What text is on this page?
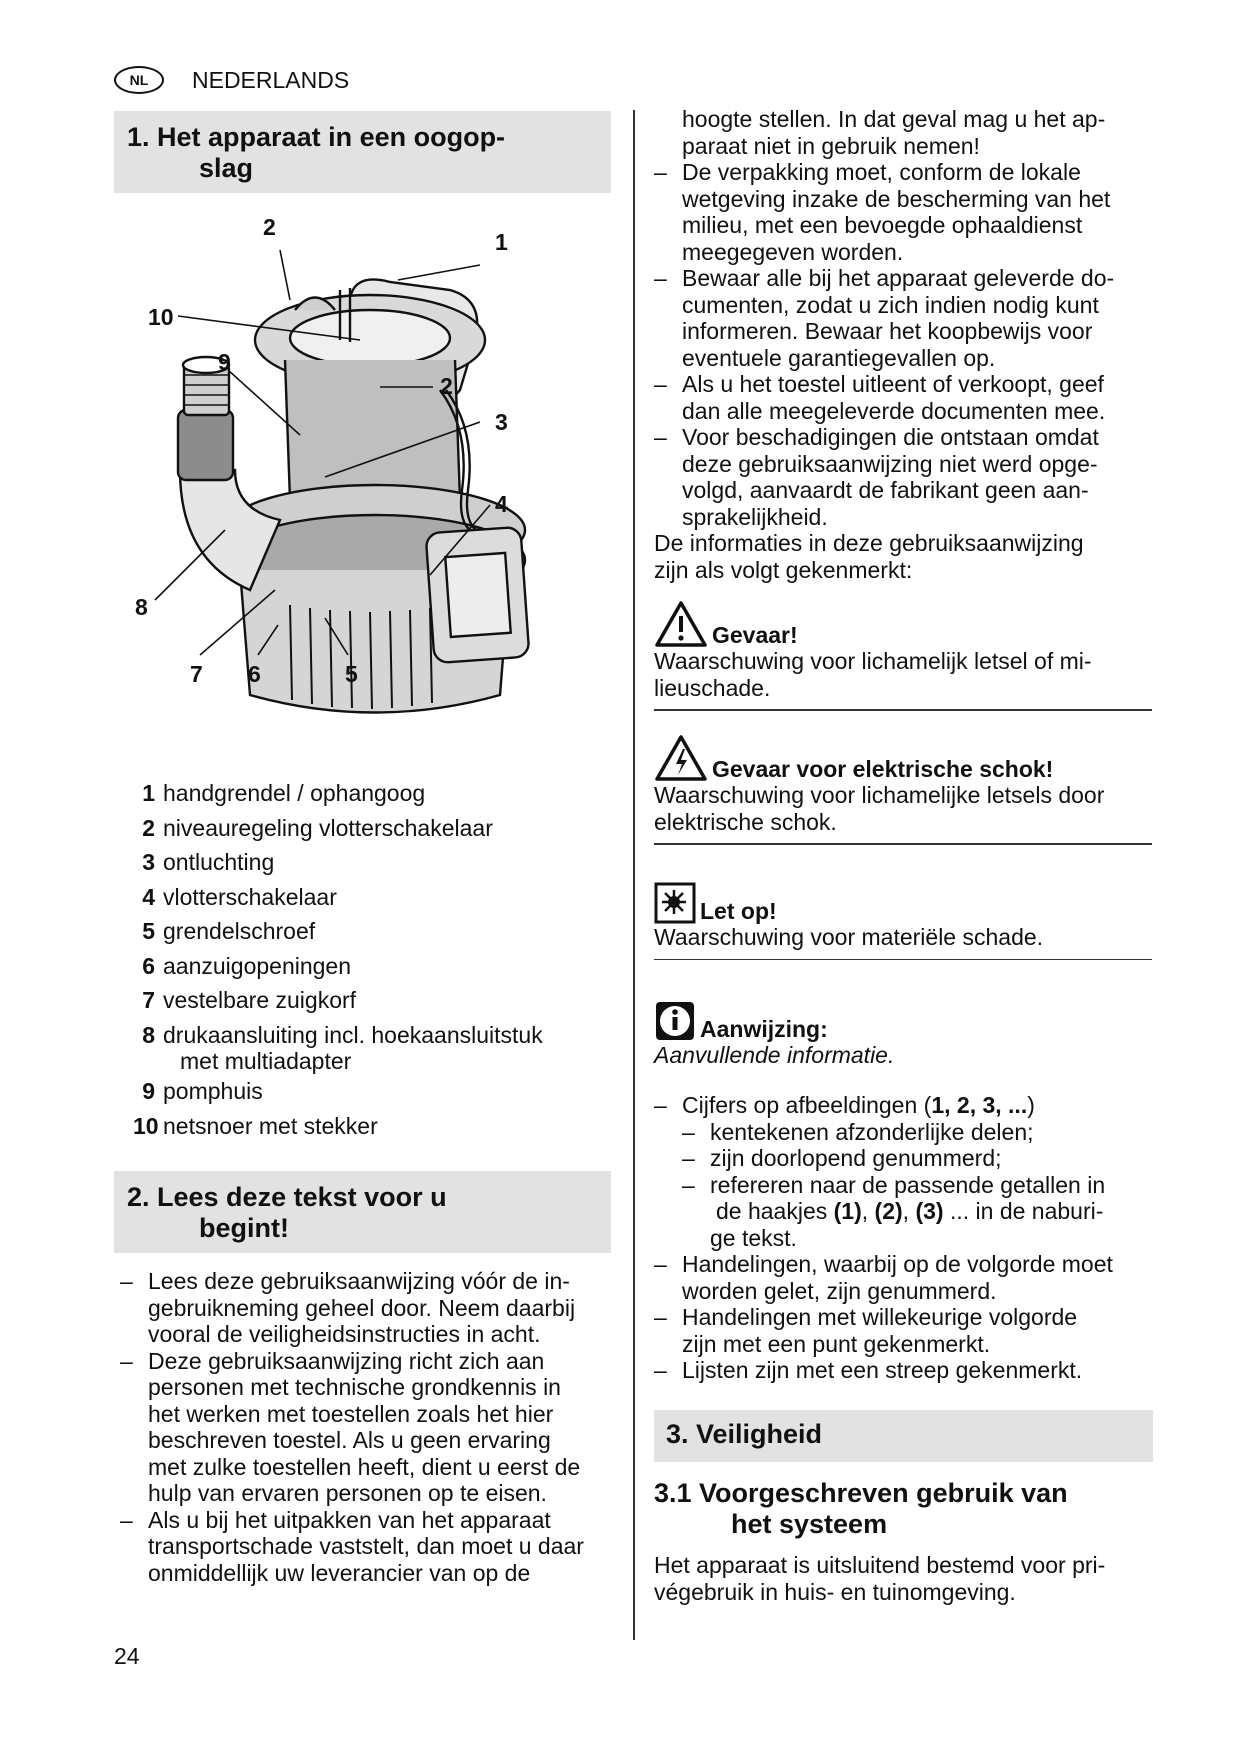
NL	NEDERLANDS
1. Het apparaat in een oogop-
slag
1
2
2
3
4
5
6
7
8
9
10
1 handgrendel / ophangoog
2 niveauregeling vlotterschakelaar
3 ontluchting
4 vlotterschakelaar
5 grendelschroef
6 aanzuigopeningen
7 vestelbare zuigkorf
8 drukaansluiting incl. hoekaansluitstuk
met multiadapter
9 pomphuis
10 netsnoer met stekker
2. Lees deze tekst voor u
begint!
– Lees deze gebruiksaanwijzing vóór de in-
gebruikneming geheel door. Neem daarbij
vooral de veiligheidsinstructies in acht.
– Deze gebruiksaanwijzing richt zich aan
personen met technische grondkennis in
het werken met toestellen zoals het hier
beschreven toestel. Als u geen ervaring
met zulke toestellen heeft, dient u eerst de
hulp van ervaren personen op te eisen.
– Als u bij het uitpakken van het apparaat
transportschade vaststelt, dan moet u daar
onmiddellijk uw leverancier van op de
hoogte stellen. In dat geval mag u het ap-
paraat niet in gebruik nemen!
– De verpakking moet, conform de lokale
wetgeving inzake de bescherming van het
milieu, met een bevoegde ophaaldienst
meegegeven worden.
– Bewaar alle bij het apparaat geleverde do-
cumenten, zodat u zich indien nodig kunt
informeren. Bewaar het koopbewijs voor
eventuele garantiegevallen op.
– Als u het toestel uitleent of verkoopt, geef
dan alle meegeleverde documenten mee.
– Voor beschadigingen die ontstaan omdat
deze gebruiksaanwijzing niet werd opge-
volgd, aanvaardt de fabrikant geen aan-
sprakelijkheid.
De informaties in deze gebruiksaanwijzing
zijn als volgt gekenmerkt:
Gevaar!
Waarschuwing voor lichamelijk letsel of mi-
lieuschade.
Gevaar voor elektrische schok!
Waarschuwing voor lichamelijke letsels door
elektrische schok.
Let op!
Waarschuwing voor materiële schade.
Aanwijzing:
Aanvullende informatie.
– Cijfers op afbeeldingen (1, 2, 3, ...)
– kentekenen afzonderlijke delen;
– zijn doorlopend genummerd;
– refereren naar de passende getallen in
de haakjes (1), (2), (3) ... in de naburi-
ge tekst.
– Handelingen, waarbij op de volgorde moet
worden gelet, zijn genummerd.
– Handelingen met willekeurige volgorde
zijn met een punt gekenmerkt.
– Lijsten zijn met een streep gekenmerkt.
3. Veiligheid
3.1 Voorgeschreven gebruik van
het systeem
Het apparaat is uitsluitend bestemd voor pri-
végebruik in huis- en tuinomgeving.
24
